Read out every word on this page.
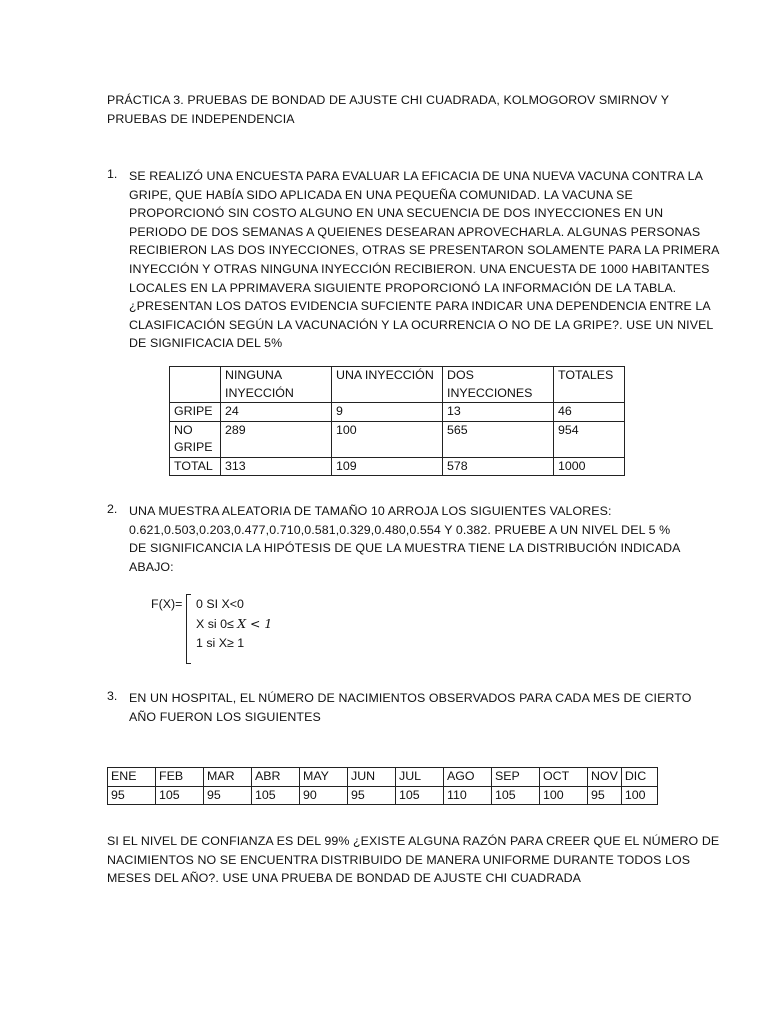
PRÁCTICA 3. PRUEBAS DE BONDAD DE AJUSTE CHI CUADRADA, KOLMOGOROV SMIRNOV Y
PRUEBAS DE INDEPENDENCIA
1. SE REALIZÓ UNA ENCUESTA PARA EVALUAR LA EFICACIA DE UNA NUEVA VACUNA CONTRA LA
GRIPE, QUE HABÍA SIDO APLICADA EN UNA PEQUEÑA COMUNIDAD. LA VACUNA SE
PROPORCIONÓ SIN COSTO ALGUNO EN UNA SECUENCIA DE DOS INYECCIONES EN UN
PERIODO DE DOS SEMANAS A QUEIENES DESEARAN APROVECHARLA. ALGUNAS PERSONAS
RECIBIERON LAS DOS INYECCIONES, OTRAS SE PRESENTARON SOLAMENTE PARA LA PRIMERA
INYECCIÓN Y OTRAS NINGUNA INYECCIÓN RECIBIERON. UNA ENCUESTA DE 1000 HABITANTES
LOCALES EN LA PPRIMAVERA SIGUIENTE PROPORCIONÓ LA INFORMACIÓN DE LA TABLA.
¿PRESENTAN LOS DATOS EVIDENCIA SUFCIENTE PARA INDICAR UNA DEPENDENCIA ENTRE LA
CLASIFICACIÓN SEGÚN LA VACUNACIÓN Y LA OCURRENCIA O NO DE LA GRIPE?. USE UN NIVEL
DE SIGNIFICACIA DEL 5%
	NINGUNA INYECCIÓN	UNA INYECCIÓN	DOS INYECCIONES	TOTALES
GRIPE	24	9	13	46
NO GRIPE	289	100	565	954
TOTAL	313	109	578	1000
2. UNA MUESTRA ALEATORIA DE TAMAÑO 10 ARROJA LOS SIGUIENTES VALORES:
0.621,0.503,0.203,0.477,0.710,0.581,0.329,0.480,0.554 Y 0.382. PRUEBE A UN NIVEL DEL 5 %
DE SIGNIFICANCIA LA HIPÓTESIS DE QUE LA MUESTRA TIENE LA DISTRIBUCIÓN INDICADA
ABAJO:
F(X)= 0 SI X<0
X si 0≤ X < 1
1 si X≥ 1
3. EN UN HOSPITAL, EL NÚMERO DE NACIMIENTOS OBSERVADOS PARA CADA MES DE CIERTO
AÑO FUERON LOS SIGUIENTES
ENE	FEB	MAR	ABR	MAY	JUN	JUL	AGO	SEP	OCT	NOV	DIC
95	105	95	105	90	95	105	110	105	100	95	100
SI EL NIVEL DE CONFIANZA ES DEL 99% ¿EXISTE ALGUNA RAZÓN PARA CREER QUE EL NÚMERO DE
NACIMIENTOS NO SE ENCUENTRA DISTRIBUIDO DE MANERA UNIFORME DURANTE TODOS LOS
MESES DEL AÑO?. USE UNA PRUEBA DE BONDAD DE AJUSTE CHI CUADRADA
